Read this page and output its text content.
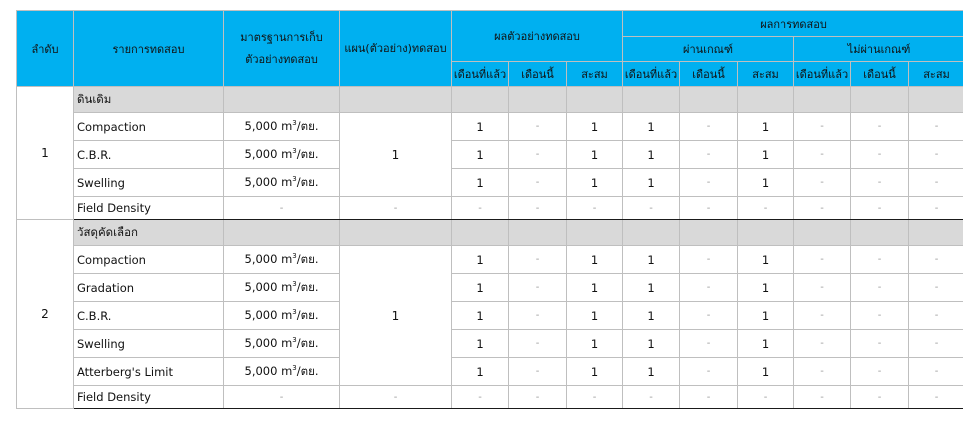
ลำดับ	รายการทดสอบ	มาตรฐานการเก็บตัวอย่างทดสอบ	แผน(ตัวอย่าง)ทดสอบ	ผลตัวอย่างทดสอบ			ผลการทดสอบ					
							ผ่านเกณฑ์			ไม่ผ่านเกณฑ์		
				เดือนที่แล้ว	เดือนนี้	สะสม	เดือนที่แล้ว	เดือนนี้	สะสม	เดือนที่แล้ว	เดือนนี้	สะสม
1	ดินเดิม											
	Compaction	5,000 $m^3/$ตย.	1	1	-	1	1	-	1	-	-	-
	C.B.R.	5,000 $m^3/$ตย.		1	-	1	1	-	1	-	-	-
	Swelling	5,000 $m^3/$ตย.		1	-	1	1	-	1	-	-	-
	Field Density	-	-	-	-	-	-	-	-	-	-	-
2	วัสดุคัดเลือก											
	Compaction	5,000 $m^3/$ตย.	1	1	-	1	1	-	1	-	-	-
	Gradation	5,000 $m^3/$ตย.		1	-	1	1	-	1	-	-	-
	C.B.R.	5,000 $m^3/$ตย.		1	-	1	1	-	1	-	-	-
	Swelling	5,000 $m^3/$ตย.		1	-	1	1	-	1	-	-	-
	Atterberg's Limit	5,000 $m^3/$ตย.		1	-	1	1	-	1	-	-	-
	Field Density	-	-	-	-	-	-	-	-	-	-	-
